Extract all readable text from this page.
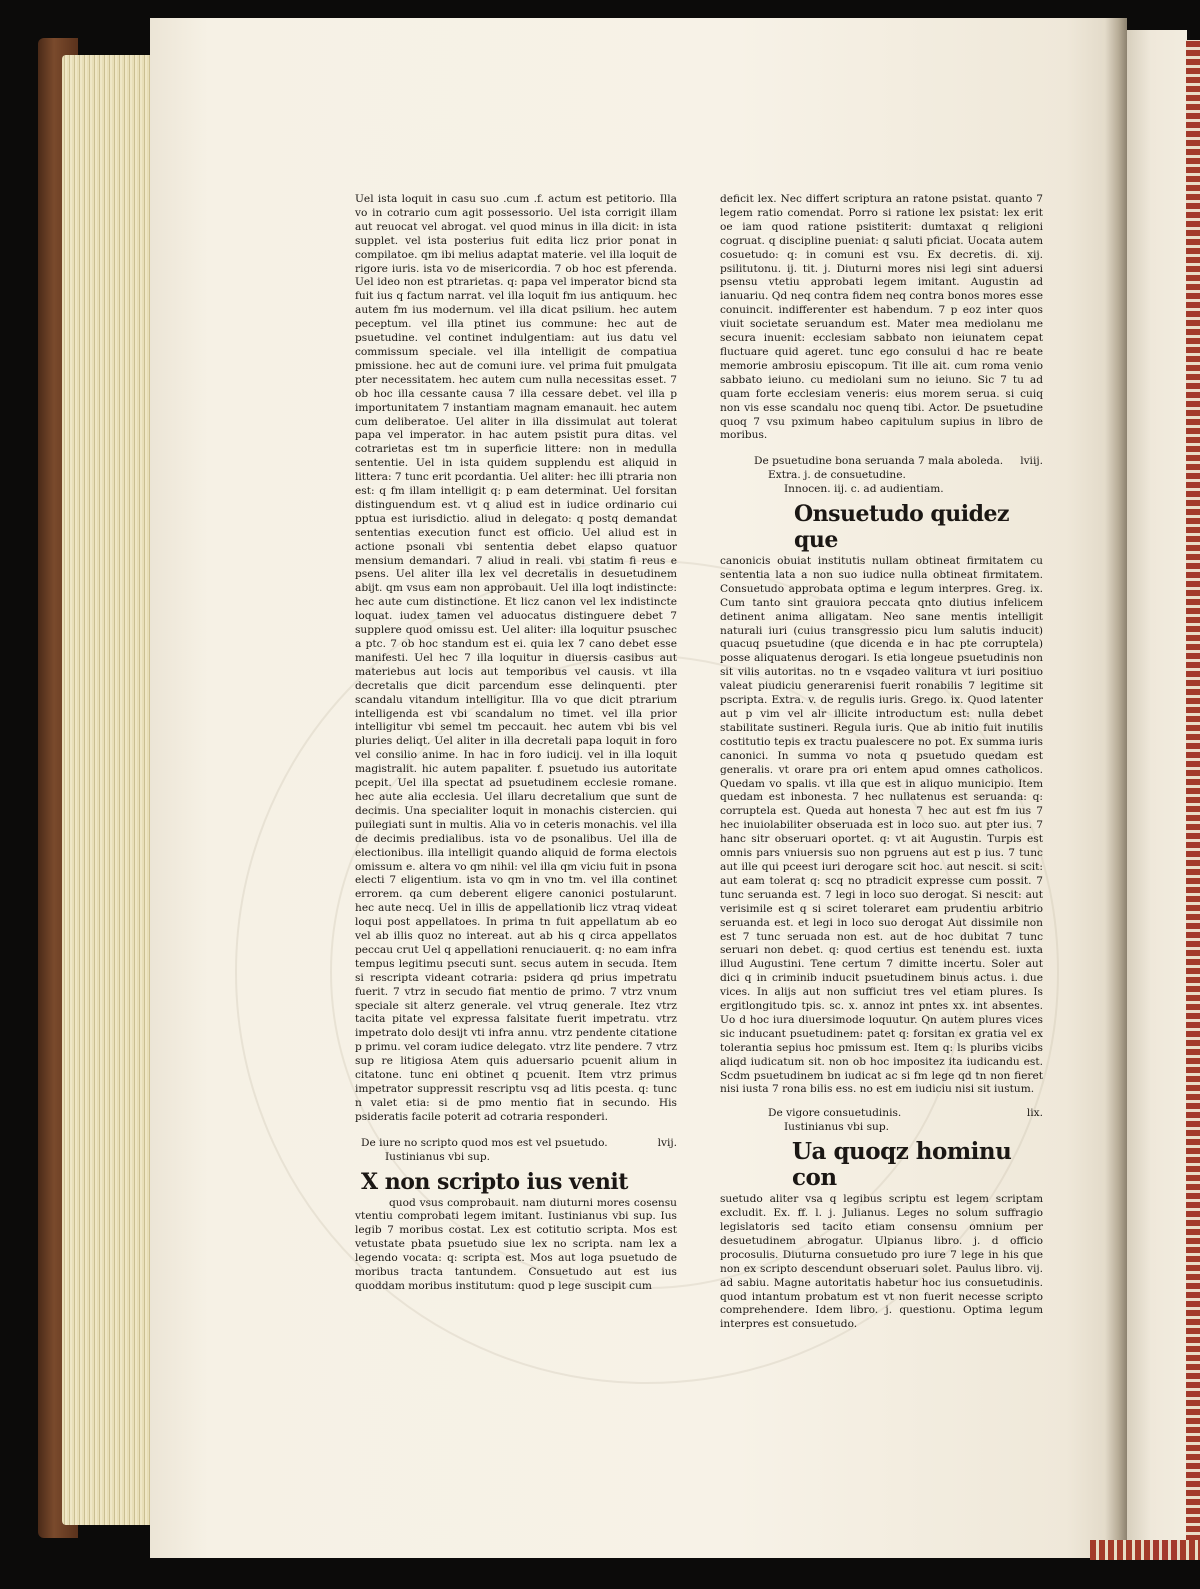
Uel ista loquit in casu suo .cum .f. actum est petitorio. Illa vo in cotrario cum agit possessorio. Uel ista corrigit illam aut reuocat vel abrogat. vel quod minus in illa dicit: in ista supplet. vel ista posterius fuit edita licz prior ponat in compilatoe. qm ibi melius adaptat materie. vel illa loquit de rigore iuris. ista vo de misericordia. 7 ob hoc est pferenda. Uel ideo non est ptrarietas. q: papa vel imperator bicnd sta fuit ius q factum narrat. vel illa loquit fm ius antiquum. hec autem fm ius modernum. vel illa dicat psilium. hec autem peceptum. vel illa ptinet ius commune: hec aut de psuetudine. vel continet indulgentiam: aut ius datu vel commissum speciale. vel illa intelligit de compatiua pmissione. hec aut de comuni iure. vel prima fuit pmulgata pter necessitatem. hec autem cum nulla necessitas esset. 7 ob hoc illa cessante causa 7 illa cessare debet. vel illa p importunitatem 7 instantiam magnam emanauit. hec autem cum deliberatoe. Uel aliter in illa dissimulat aut tolerat papa vel imperator. in hac autem psistit pura ditas. vel cotrarietas est tm in superficie littere: non in medulla sententie. Uel in ista quidem supplendu est aliquid in littera: 7 tunc erit pcordantia. Uel aliter: hec illi ptraria non est: q fm illam intelligit q: p eam determinat. Uel forsitan distinguendum est. vt q aliud est in iudice ordinario cui pptua est iurisdictio. aliud in delegato: q postq demandat sententias execution funct est officio. Uel aliud est in actione psonali vbi sententia debet elapso quatuor mensium demandari. 7 aliud in reali. vbi statim fi reus e psens. Uel aliter illa lex vel decretalis in desuetudinem abijt. qm vsus eam non approbauit. Uel illa loqt indistincte: hec aute cum distinctione. Et licz canon vel lex indistincte loquat. iudex tamen vel aduocatus distinguere debet 7 supplere quod omissu est. Uel aliter: illa loquitur psuschec a ptc. 7 ob hoc standum est ei. quia lex 7 cano debet esse manifesti. Uel hec 7 illa loquitur in diuersis casibus aut materiebus aut locis aut temporibus vel causis. vt illa decretalis que dicit parcendum esse delinquenti. pter scandalu vitandum intelligitur. Illa vo que dicit ptrarium intelligenda est vbi scandalum no timet. vel illa prior intelligitur vbi semel tm peccauit. hec autem vbi bis vel pluries deliqt. Uel aliter in illa decretali papa loquit in foro vel consilio anime. In hac in foro iudicij. vel in illa loquit magistralit. hic autem papaliter. f. psuetudo ius autoritate pcepit. Uel illa spectat ad psuetudinem ecclesie romane. hec aute alia ecclesia. Uel illaru decretalium que sunt de decimis. Una specialiter loquit in monachis cistercien. qui puilegiati sunt in multis. Alia vo in ceteris monachis. vel illa de decimis predialibus. ista vo de psonalibus. Uel illa de electionibus. illa intelligit quando aliquid de forma electois omissum e. altera vo qm nihil: vel illa qm viciu fuit in psona electi 7 eligentium. ista vo qm in vno tm. vel illa continet errorem. qa cum deberent eligere canonici postularunt. hec aute necq. Uel in illis de appellationib licz vtraq videat loqui post appellatoes. In prima tn fuit appellatum ab eo vel ab illis quoz no intereat. aut ab his q circa appellatos peccau crut Uel q appellationi renuciauerit. q: no eam infra tempus legitimu psecuti sunt. secus autem in secuda. Item si rescripta videant cotraria: psidera qd prius impetratu fuerit. 7 vtrz in secudo fiat mentio de primo. 7 vtrz vnum speciale sit alterz generale. vel vtruq generale. Itez vtrz tacita pitate vel expressa falsitate fuerit impetratu. vtrz impetrato dolo desijt vti infra annu. vtrz pendente citatione p primu. vel coram iudice delegato. vtrz lite pendere. 7 vtrz sup re litigiosa Atem quis aduersario pcuenit alium in citatone. tunc eni obtinet q pcuenit. Item vtrz primus impetrator suppressit rescriptu vsq ad litis pcesta. q: tunc n valet etia: si de pmo mentio fiat in secundo. His psideratis facile poterit ad cotraria responderi.

De iure no scripto quod mos est vel psuetudo.	lvij.
Iustinianus vbi sup.
X non scripto ius venit

quod vsus comprobauit. nam diuturni mores cosensu vtentiu comprobati legem imitant. Iustinianus vbi sup. Ius legib 7 moribus costat. Lex est cotitutio scripta. Mos est vetustate pbata psuetudo siue lex no scripta. nam lex a legendo vocata: q: scripta est. Mos aut loga psuetudo de moribus tracta tantundem. Consuetudo aut est ius quoddam moribus institutum: quod p lege suscipit cum

deficit lex. Nec differt scriptura an ratone psistat. quanto 7 legem ratio comendat. Porro si ratione lex psistat: lex erit oe iam quod ratione psistiterit: dumtaxat q religioni cogruat. q discipline pueniat: q saluti pficiat. Uocata autem cosuetudo: q: in comuni est vsu. Ex decretis. di. xij. psilitutonu. ij. tit. j. Diuturni mores nisi legi sint aduersi psensu vtetiu approbati legem imitant. Augustin ad ianuariu. Qd neq contra fidem neq contra bonos mores esse conuincit. indifferenter est habendum. 7 p eoz inter quos viuit societate seruandum est. Mater mea mediolanu me secura inuenit: ecclesiam sabbato non ieiunatem cepat fluctuare quid ageret. tunc ego consului d hac re beate memorie ambrosiu episcopum. Tit ille ait. cum roma venio sabbato ieiuno. cu mediolani sum no ieiuno. Sic 7 tu ad quam forte ecclesiam veneris: eius morem serua. si cuiq non vis esse scandalu noc quenq tibi. Actor. De psuetudine quoq 7 vsu pximum habeo capitulum supius in libro de moribus.

De psuetudine bona seruanda 7 mala aboleda. lviij.
Extra. j. de consuetudine.
Innocen. iij. c. ad audientiam.
Onsuetudo quidez que

canonicis obuiat institutis nullam obtineat firmitatem cu sententia lata a non suo iudice nulla obtineat firmitatem. Consuetudo approbata optima e legum interpres. Greg. ix. Cum tanto sint grauiora peccata qnto diutius infelicem detinent anima alligatam. Neo sane mentis intelligit naturali iuri (cuius transgressio picu lum salutis inducit) quacuq psuetudine (que dicenda e in hac pte corruptela) posse aliquatenus derogari. Is etia longeue psuetudinis non sit vilis autoritas. no tn e vsqadeo valitura vt iuri positiuo valeat piudiciu generarenisi fuerit ronabilis 7 legitime sit pscripta. Extra. v. de regulis iuris. Grego. ix. Quod latenter aut p vim vel alr illicite introductum est: nulla debet stabilitate sustineri. Regula iuris. Que ab initio fuit inutilis costitutio tepis ex tractu pualescere no pot. Ex summa iuris canonici. In summa vo nota q psuetudo quedam est generalis. vt orare pra ori entem apud omnes catholicos. Quedam vo spalis. vt illa que est in aliquo municipio. Item quedam est inbonesta. 7 hec nullatenus est seruanda: q: corruptela est. Queda aut honesta 7 hec aut est fm ius 7 hec inuiolabiliter obseruada est in loco suo. aut pter ius. 7 hanc sitr obseruari oportet. q: vt ait Augustin. Turpis est omnis pars vniuersis suo non pgruens aut est p ius. 7 tunc aut ille qui pceest iuri derogare scit hoc. aut nescit. si scit: aut eam tolerat q: scq no ptradicit expresse cum possit. 7 tunc seruanda est. 7 legi in loco suo derogat. Si nescit: aut verisimile est q si sciret toleraret eam prudentiu arbitrio seruanda est. et legi in loco suo derogat Aut dissimile non est 7 tunc seruada non est. aut de hoc dubitat 7 tunc seruari non debet. q: quod certius est tenendu est. iuxta illud Augustini. Tene certum 7 dimitte incertu. Soler aut dici q in criminib inducit psuetudinem binus actus. i. due vices. In alijs aut non sufficiut tres vel etiam plures. Is ergitlongitudo tpis. sc. x. annoz int pntes xx. int absentes. Uo d hoc iura diuersimode loquutur. Qn autem plures vices sic inducant psuetudinem: patet q: forsitan ex gratia vel ex tolerantia sepius hoc pmissum est. Item q: ls pluribs vicibs aliqd iudicatum sit. non ob hoc impositez ita iudicandu est. Scdm psuetudinem bn iudicat ac si fm lege qd tn non fieret nisi iusta 7 rona bilis ess. no est em iudiciu nisi sit iustum.

De vigore consuetudinis.	lix.
Iustinianus vbi sup.
Ua quoqz hominu con

suetudo aliter vsa q legibus scriptu est legem scriptam excludit. Ex. ff. l. j. Julianus. Leges no solum suffragio legislatoris sed tacito etiam consensu omnium per desuetudinem abrogatur. Ulpianus libro. j. d officio procosulis. Diuturna consuetudo pro iure 7 lege in his que non ex scripto descendunt obseruari solet. Paulus libro. vij. ad sabiu. Magne autoritatis habetur hoc ius consuetudinis. quod intantum probatum est vt non fuerit necesse scripto comprehendere. Idem libro. j. questionu. Optima legum interpres est consuetudo.
